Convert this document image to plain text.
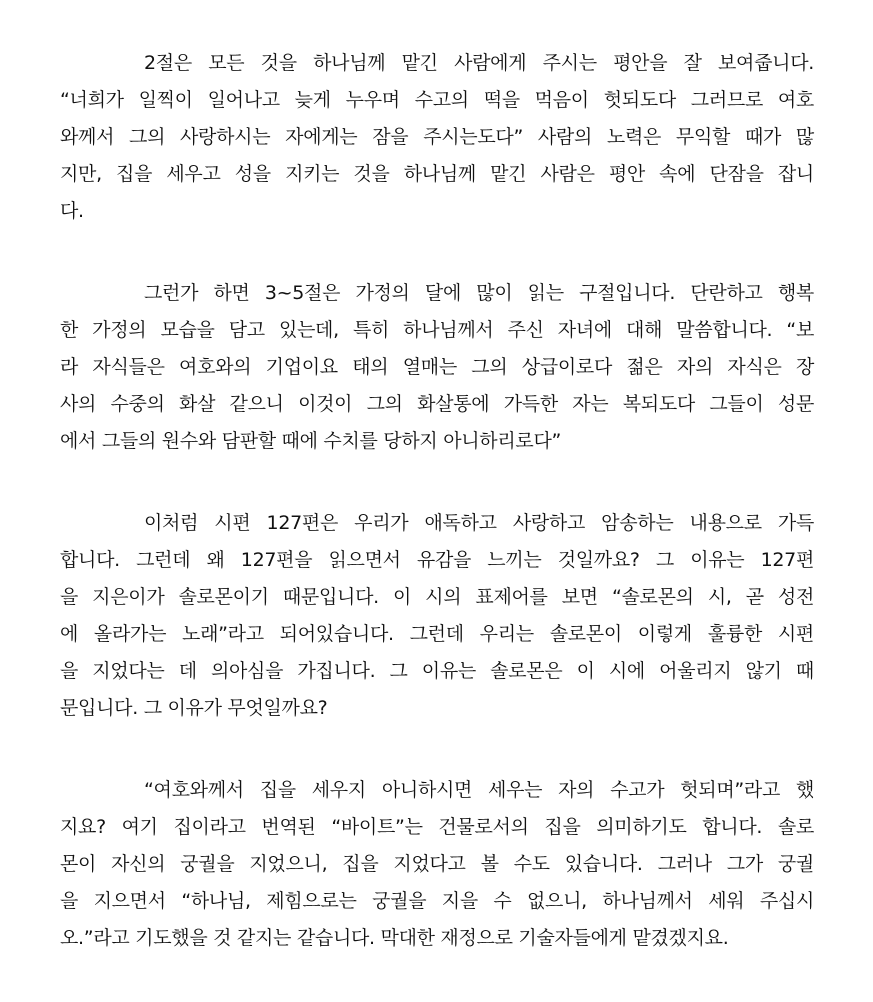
2절은 모든 것을 하나님께 맡긴 사람에게 주시는 평안을 잘 보여줍니다.
“너희가 일찍이 일어나고 늦게 누우며 수고의 떡을 먹음이 헛되도다 그러므로 여호
와께서 그의 사랑하시는 자에게는 잠을 주시는도다” 사람의 노력은 무익할 때가 많
지만, 집을 세우고 성을 지키는 것을 하나님께 맡긴 사람은 평안 속에 단잠을 잡니
다.
그런가 하면 3~5절은 가정의 달에 많이 읽는 구절입니다. 단란하고 행복
한 가정의 모습을 담고 있는데, 특히 하나님께서 주신 자녀에 대해 말씀합니다. “보
라 자식들은 여호와의 기업이요 태의 열매는 그의 상급이로다 젊은 자의 자식은 장
사의 수중의 화살 같으니 이것이 그의 화살통에 가득한 자는 복되도다 그들이 성문
에서 그들의 원수와 담판할 때에 수치를 당하지 아니하리로다”
이처럼 시편 127편은 우리가 애독하고 사랑하고 암송하는 내용으로 가득
합니다. 그런데 왜 127편을 읽으면서 유감을 느끼는 것일까요? 그 이유는 127편
을 지은이가 솔로몬이기 때문입니다. 이 시의 표제어를 보면 “솔로몬의 시, 곧 성전
에 올라가는 노래”라고 되어있습니다. 그런데 우리는 솔로몬이 이렇게 훌륭한 시편
을 지었다는 데 의아심을 가집니다. 그 이유는 솔로몬은 이 시에 어울리지 않기 때
문입니다. 그 이유가 무엇일까요?
“여호와께서 집을 세우지 아니하시면 세우는 자의 수고가 헛되며”라고 했
지요? 여기 집이라고 번역된 “바이트”는 건물로서의 집을 의미하기도 합니다. 솔로
몬이 자신의 궁궐을 지었으니, 집을 지었다고 볼 수도 있습니다. 그러나 그가 궁궐
을 지으면서 “하나님, 제힘으로는 궁궐을 지을 수 없으니, 하나님께서 세워 주십시
오.”라고 기도했을 것 같지는 같습니다. 막대한 재정으로 기술자들에게 맡겼겠지요.
